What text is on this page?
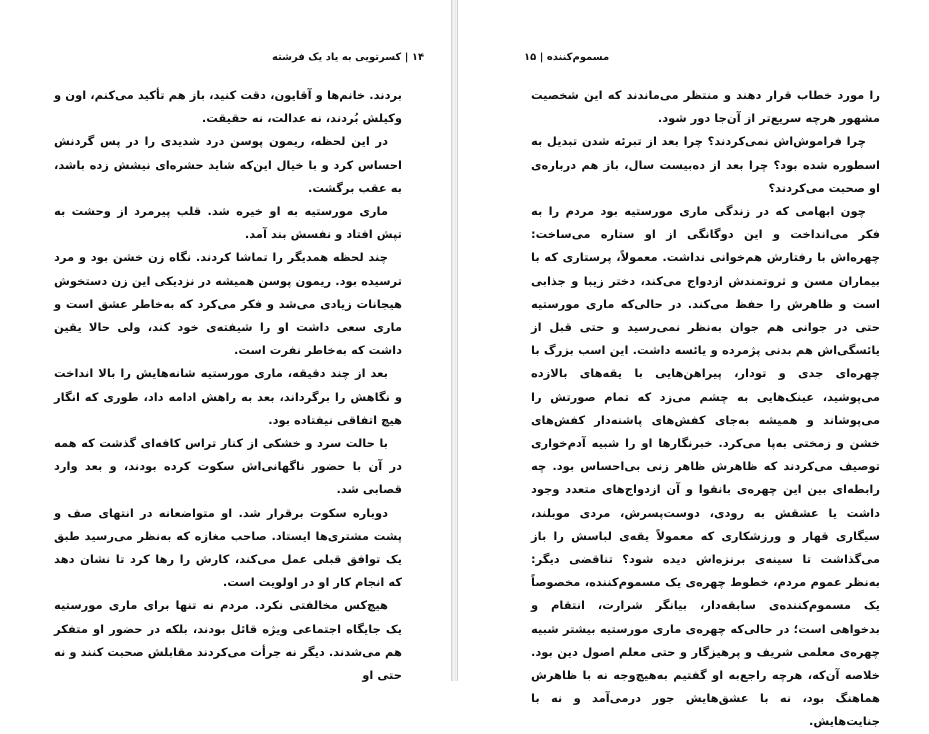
۱۴ | کسرتویی به یاد یک فرشته

بردند. خانم‌ها و آقایون، دقت کنید، باز هم تأکید می‌کنم، اون و وکیلش بُردند، نه عدالت، نه حقیقت.

در این لحظه، ریمون پوسن درد شدیدی را در پس گردنش احساس کرد و با خیال این‌که شاید حشره‌ای نیشش زده باشد، به عقب برگشت.

ماری مورستیه به او خیره شد. قلب پیرمرد از وحشت به تپش افتاد و نفسش بند آمد.

چند لحظه همدیگر را تماشا کردند. نگاه زن خشن بود و مرد ترسیده بود. ریمون پوسن همیشه در نزدیکی این زن دستخوش هیجانات زیادی می‌شد و فکر می‌کرد که به‌خاطر عشق است و ماری سعی داشت او را شیفته‌ی خود کند، ولی حالا یقین داشت که به‌خاطر نفرت است.

بعد از چند دقیقه، ماری مورستیه شانه‌هایش را بالا انداخت و نگاهش را برگرداند، بعد به راهش ادامه داد، طوری که انگار هیچ اتفاقی نیفتاده بود.

با حالت سرد و خشکی از کنار تراس کافه‌ای گذشت که همه در آن با حضور ناگهانی‌اش سکوت کرده بودند، و بعد وارد قصابی شد.

دوباره سکوت برقرار شد. او متواضعانه در انتهای صف و پشت مشتری‌ها ایستاد. صاحب مغازه که به‌نظر می‌رسید طبق یک توافق قبلی عمل می‌کند، کارش را رها کرد تا نشان دهد که انجام کار او در اولویت است.

هیچ‌کس مخالفتی نکرد. مردم نه تنها برای ماری مورستیه یک جایگاه اجتماعی ویژه قائل بودند، بلکه در حضور او متفکر هم می‌شدند. دیگر نه جرأت می‌کردند مقابلش صحبت کنند و نه حتی او

مسموم‌کننده | ۱۵

را مورد خطاب قرار دهند و منتظر می‌ماندند که این شخصیت مشهور هرچه سریع‌تر از آن‌جا دور شود.

چرا فراموش‌اش نمی‌کردند؟ چرا بعد از تبرئه شدن تبدیل به اسطوره شده بود؟ چرا بعد از ده‌بیست سال، باز هم درباره‌ی او صحبت می‌کردند؟

چون ابهامی که در زندگی ماری مورستیه بود مردم را به فکر می‌انداخت و این دوگانگی از او ستاره می‌ساخت: چهره‌اش با رفتارش هم‌خوانی نداشت. معمولاً، پرستاری که با بیماران مسن و ثروتمندش ازدواج می‌کند، دختر زیبا و جذابی است و ظاهرش را حفظ می‌کند. در حالی‌که ماری مورستیه حتی در جوانی هم جوان به‌نظر نمی‌رسید و حتی قبل از یائسگی‌اش هم بدنی پژمرده و یائسه داشت. این اسب بزرگ با چهره‌ای جدی و تودار، پیراهن‌هایی با یقه‌های بالازده می‌پوشید، عینک‌هایی به چشم می‌زد که تمام صورتش را می‌پوشاند و همیشه به‌جای کفش‌های پاشنه‌دار کفش‌های خشن و زمختی به‌پا می‌کرد. خبرنگارها او را شبیه آدم‌خواری توصیف می‌کردند که ظاهرش ظاهر زنی بی‌احساس بود. چه رابطه‌ای بین این چهره‌ی بانقوا و آن ازدواج‌های متعدد وجود داشت یا عشقش به رودی، دوست‌پسرش، مردی مو‌بلند، سیگاری قهار و ورزشکاری که معمولاً یقه‌ی لباسش را باز می‌گذاشت تا سینه‌ی برنزه‌اش دیده شود؟ تناقضی دیگر: به‌نظر عموم مردم، خطوط چهره‌ی یک مسموم‌کننده، مخصوصاً یک مسموم‌کننده‌ی سابقه‌دار، بیانگر شرارت، انتقام و بدخواهی است؛ در حالی‌که چهره‌ی ماری مورستیه بیشتر شبیه چهره‌ی معلمی شریف و پرهیزگار و حتی معلم اصول دین بود. خلاصه آن‌که، هرچه راجع‌به او گفتیم به‌هیچ‌وجه نه با ظاهرش هماهنگ بود، نه با عشق‌هایش جور درمی‌آمد و نه با جنایت‌هایش.
